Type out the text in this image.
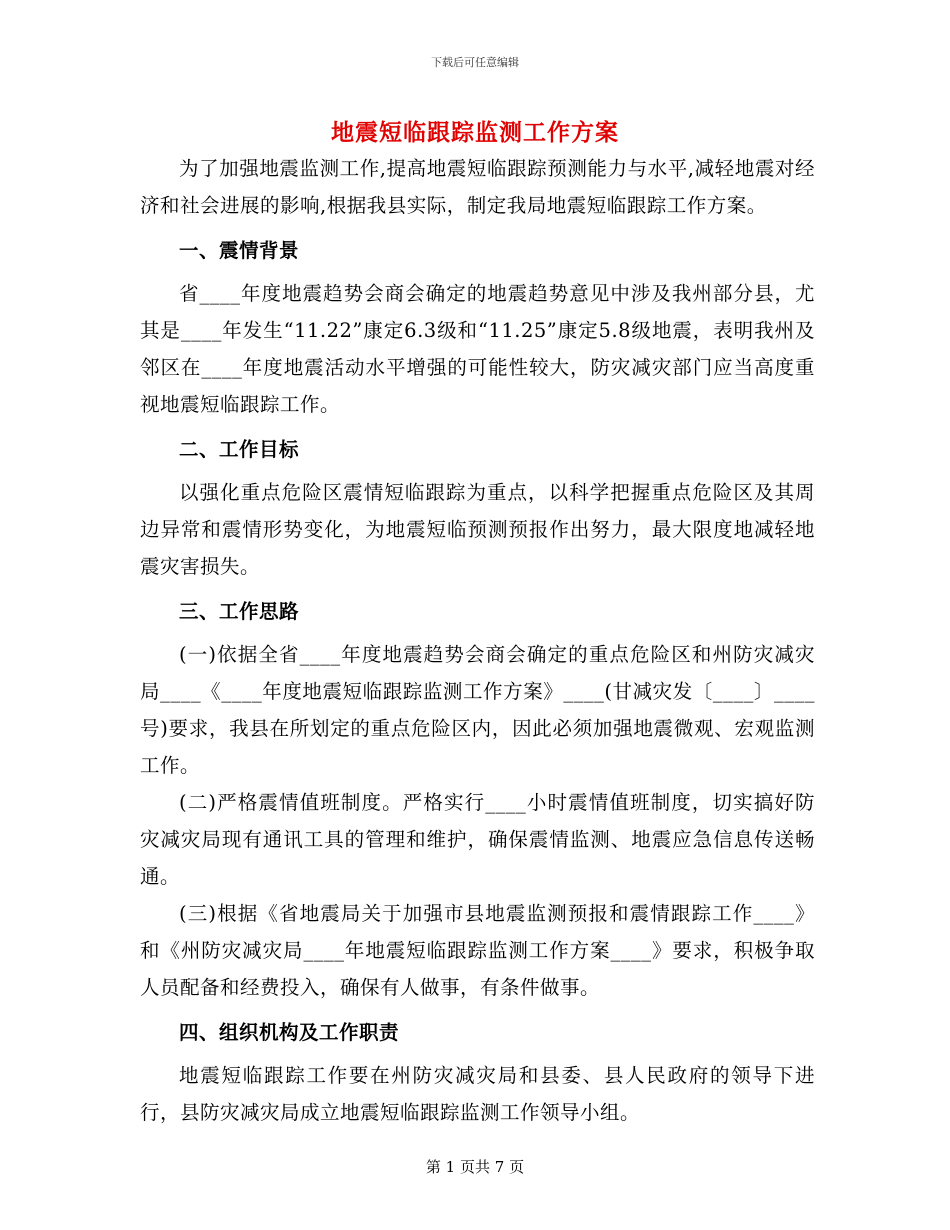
下载后可任意编辑
地震短临跟踪监测工作方案

为了加强地震监测工作,提高地震短临跟踪预测能力与水平,减轻地震对经济和社会进展的影响,根据我县实际，制定我局地震短临跟踪工作方案。

一、震情背景

省____年度地震趋势会商会确定的地震趋势意见中涉及我州部分县，尤其是____年发生“11.22”康定6.3级和“11.25”康定5.8级地震，表明我州及邻区在____年度地震活动水平增强的可能性较大，防灾减灾部门应当高度重视地震短临跟踪工作。

二、工作目标

以强化重点危险区震情短临跟踪为重点，以科学把握重点危险区及其周边异常和震情形势变化，为地震短临预测预报作出努力，最大限度地减轻地震灾害损失。

三、工作思路

(一)依据全省____年度地震趋势会商会确定的重点危险区和州防灾减灾局____《____年度地震短临跟踪监测工作方案》____(甘减灾发〔____〕____号)要求，我县在所划定的重点危险区内，因此必须加强地震微观、宏观监测工作。

(二)严格震情值班制度。严格实行____小时震情值班制度，切实搞好防灾减灾局现有通讯工具的管理和维护，确保震情监测、地震应急信息传送畅通。

(三)根据《省地震局关于加强市县地震监测预报和震情跟踪工作____》和《州防灾减灾局____年地震短临跟踪监测工作方案____》要求，积极争取人员配备和经费投入，确保有人做事，有条件做事。

四、组织机构及工作职责

地震短临跟踪工作要在州防灾减灾局和县委、县人民政府的领导下进行，县防灾减灾局成立地震短临跟踪监测工作领导小组。

第 1 页共 7 页
